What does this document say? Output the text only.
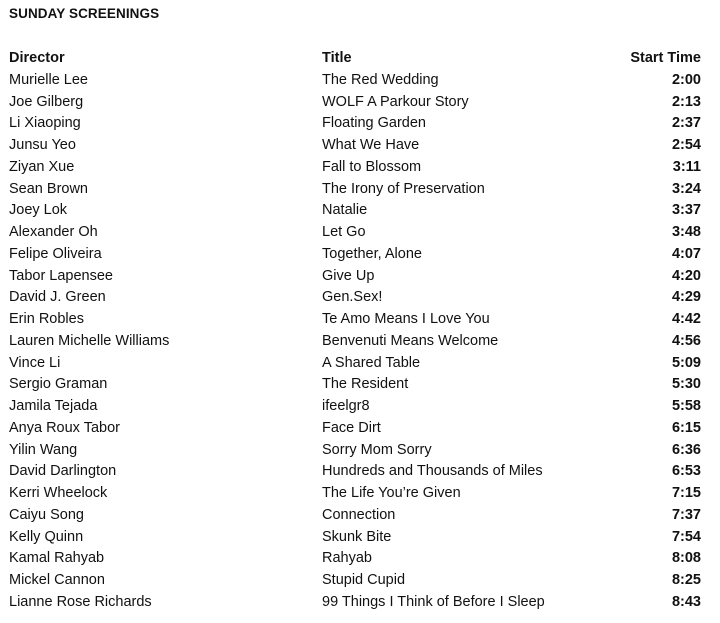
SUNDAY SCREENINGS
Director	Title	Start Time
Murielle Lee	The Red Wedding	2:00
Joe Gilberg	WOLF A Parkour Story	2:13
Li Xiaoping	Floating Garden	2:37
Junsu Yeo	What We Have	2:54
Ziyan Xue	Fall to Blossom	3:11
Sean Brown	The Irony of Preservation	3:24
Joey Lok	Natalie	3:37
Alexander Oh	Let Go	3:48
Felipe Oliveira	Together, Alone	4:07
Tabor Lapensee	Give Up	4:20
David J. Green	Gen.Sex!	4:29
Erin Robles	Te Amo Means I Love You	4:42
Lauren Michelle Williams	Benvenuti Means Welcome	4:56
Vince Li	A Shared Table	5:09
Sergio Graman	The Resident	5:30
Jamila Tejada	ifeelgr8	5:58
Anya Roux Tabor	Face Dirt	6:15
Yilin Wang	Sorry Mom Sorry	6:36
David Darlington	Hundreds and Thousands of Miles	6:53
Kerri Wheelock	The Life You’re Given	7:15
Caiyu Song	Connection	7:37
Kelly Quinn	Skunk Bite	7:54
Kamal Rahyab	Rahyab	8:08
Mickel Cannon	Stupid Cupid	8:25
Lianne Rose Richards	99 Things I Think of Before I Sleep	8:43
